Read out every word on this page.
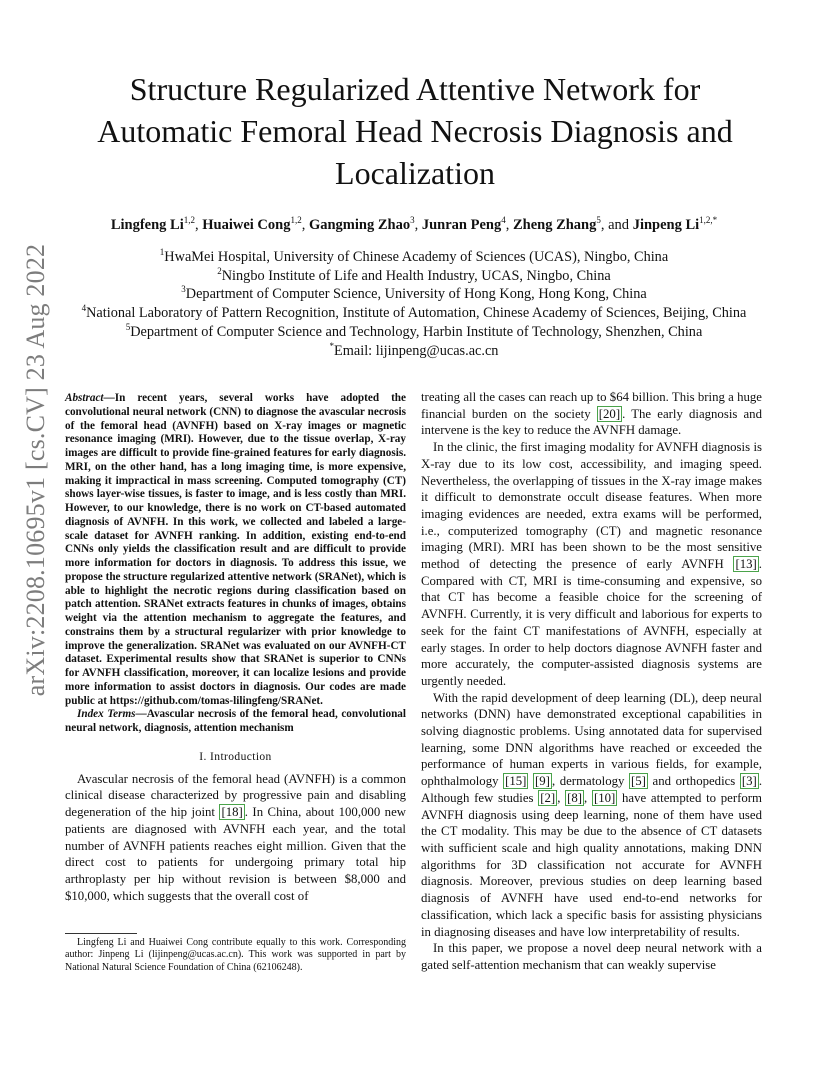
arXiv:2208.10695v1 [cs.CV] 23 Aug 2022
Structure Regularized Attentive Network for
Automatic Femoral Head Necrosis Diagnosis and
Localization
Lingfeng Li$^{1,2}$, Huaiwei Cong$^{1,2}$, Gangming Zhao$^3$, Junran Peng$^4$, Zheng Zhang$^5$, and Jinpeng $Li^{1,2,*}$
$^1$HwaMei Hospital, University of Chinese Academy of Sciences (UCAS), Ningbo, China
$^2$Ningbo Institute of Life and Health Industry, UCAS, Ningbo, China
$^3$Department of Computer Science, University of Hong Kong, Hong Kong, China
$^4$National Laboratory of Pattern Recognition, Institute of Automation, Chinese Academy of Sciences, Beijing, China
$^5$Department of Computer Science and Technology, Harbin Institute of Technology, Shenzhen, China
*Email: lijinpeng@ucas.ac.cn
Abstract—In recent years, several works have adopted the convolutional neural network (CNN) to diagnose the avascular necrosis of the femoral head (AVNFH) based on X-ray images or magnetic resonance imaging (MRI). However, due to the tissue overlap, X-ray images are difficult to provide fine-grained features for early diagnosis. MRI, on the other hand, has a long imaging time, is more expensive, making it impractical in mass screening. Computed tomography (CT) shows layer-wise tissues, is faster to image, and is less costly than MRI. However, to our knowledge, there is no work on CT-based automated diagnosis of AVNFH. In this work, we collected and labeled a large-scale dataset for AVNFH ranking. In addition, existing end-to-end CNNs only yields the classification result and are difficult to provide more information for doctors in diagnosis. To address this issue, we propose the structure regularized attentive network (SRANet), which is able to highlight the necrotic regions during classification based on patch attention. SRANet extracts features in chunks of images, obtains weight via the attention mechanism to aggregate the features, and constrains them by a structural regularizer with prior knowledge to improve the generalization. SRANet was evaluated on our AVNFH-CT dataset. Experimental results show that SRANet is superior to CNNs for AVNFH classification, moreover, it can localize lesions and provide more information to assist doctors in diagnosis. Our codes are made public at https://github.com/tomas-lilingfeng/SRANet.
Index Terms—Avascular necrosis of the femoral head, convolutional neural network, diagnosis, attention mechanism
I. Introduction
Avascular necrosis of the femoral head (AVNFH) is a common clinical disease characterized by progressive pain and disabling degeneration of the hip joint [18] . In China, about 100,000 new patients are diagnosed with AVNFH each year, and the total number of AVNFH patients reaches eight million. Given that the direct cost to patients for undergoing primary total hip arthroplasty per hip without revision is between $8,000 and $10,000, which suggests that the overall cost of
Lingfeng Li and Huaiwei Cong contribute equally to this work. Corresponding author: Jinpeng Li (lijinpeng@ucas.ac.cn). This work was supported in part by National Natural Science Foundation of China (62106248).

treating all the cases can reach up to $64 billion. This bring a huge financial burden on the society [20] . The early diagnosis and intervene is the key to reduce the AVNFH damage.

In the clinic, the first imaging modality for AVNFH diagnosis is X-ray due to its low cost, accessibility, and imaging speed. Nevertheless, the overlapping of tissues in the X-ray image makes it difficult to demonstrate occult disease features. When more imaging evidences are needed, extra exams will be performed, i.e., computerized tomography (CT) and magnetic resonance imaging (MRI). MRI has been shown to be the most sensitive method of detecting the presence of early AVNFH [13] . Compared with CT, MRI is time-consuming and expensive, so that CT has become a feasible choice for the screening of AVNFH. Currently, it is very difficult and laborious for experts to seek for the faint CT manifestations of AVNFH, especially at early stages. In order to help doctors diagnose AVNFH faster and more accurately, the computer-assisted diagnosis systems are urgently needed.

With the rapid development of deep learning (DL), deep neural networks (DNN) have demonstrated exceptional capabilities in solving diagnostic problems. Using annotated data for supervised learning, some DNN algorithms have reached or exceeded the performance of human experts in various fields, for example, ophthalmology [15] [9] , dermatology [5] and orthopedics [3] . Although few studies [2] , [8] , [10] have attempted to perform AVNFH diagnosis using deep learning, none of them have used the CT modality. This may be due to the absence of CT datasets with sufficient scale and high quality annotations, making DNN algorithms for 3D classification not accurate for AVNFH diagnosis. Moreover, previous studies on deep learning based diagnosis of AVNFH have used end-to-end networks for classification, which lack a specific basis for assisting physicians in diagnosing diseases and have low interpretability of results.

In this paper, we propose a novel deep neural network with a gated self-attention mechanism that can weakly supervise
